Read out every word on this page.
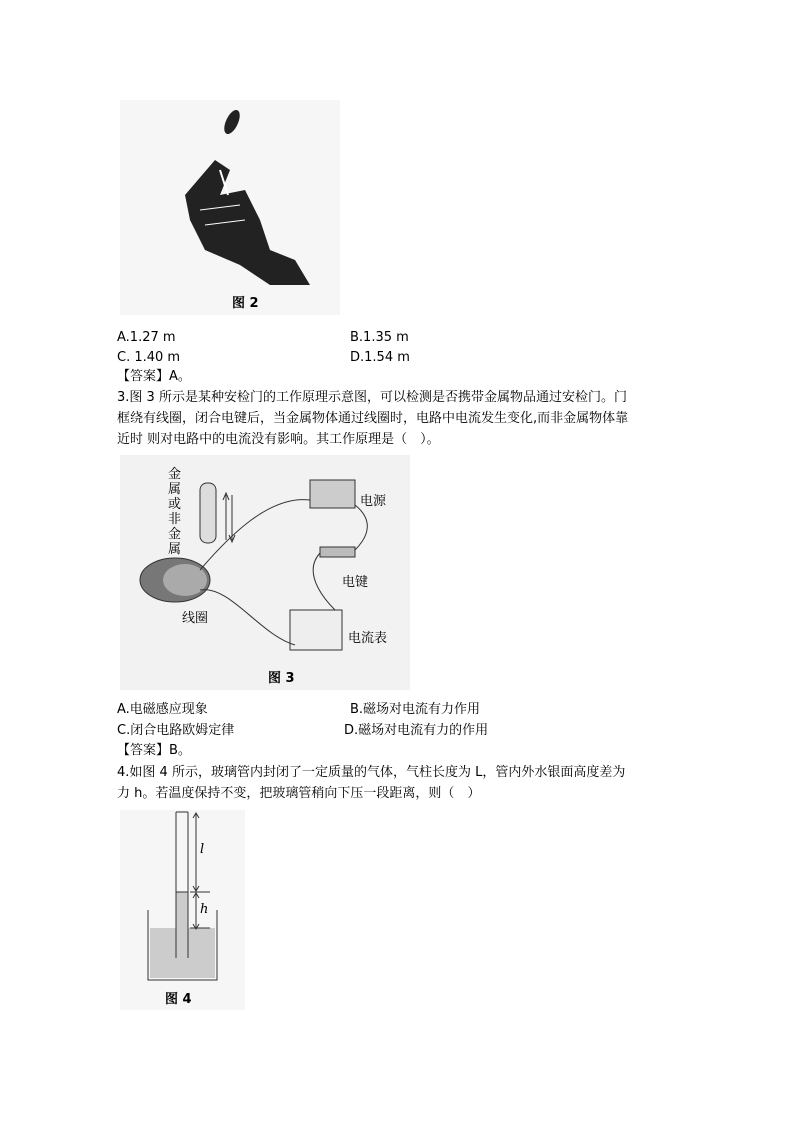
图 2
A.1.27 m	B.1.35 m
C. 1.40 m	D.1.54 m
【答案】A。
3.图 3 所示是某种安检门的工作原理示意图，可以检测是否携带金属物品通过安检门。门
框绕有线圈，闭合电键后，当金属物体通过线圈时，电路中电流发生变化,而非金属物体靠
近时 则对电路中的电流没有影响。其工作原理是（　）。
金属或非金属
电源
电键
线圈
电流表
图 3
A.电磁感应现象	B.磁场对电流有力作用
C.闭合电路欧姆定律	D.磁场对电流有力的作用
【答案】B。
4.如图 4 所示，玻璃管内封闭了一定质量的气体，气柱长度为 L，管内外水银面高度差为
力 h。若温度保持不变，把玻璃管稍向下压一段距离，则（　）
l
h
图 4
